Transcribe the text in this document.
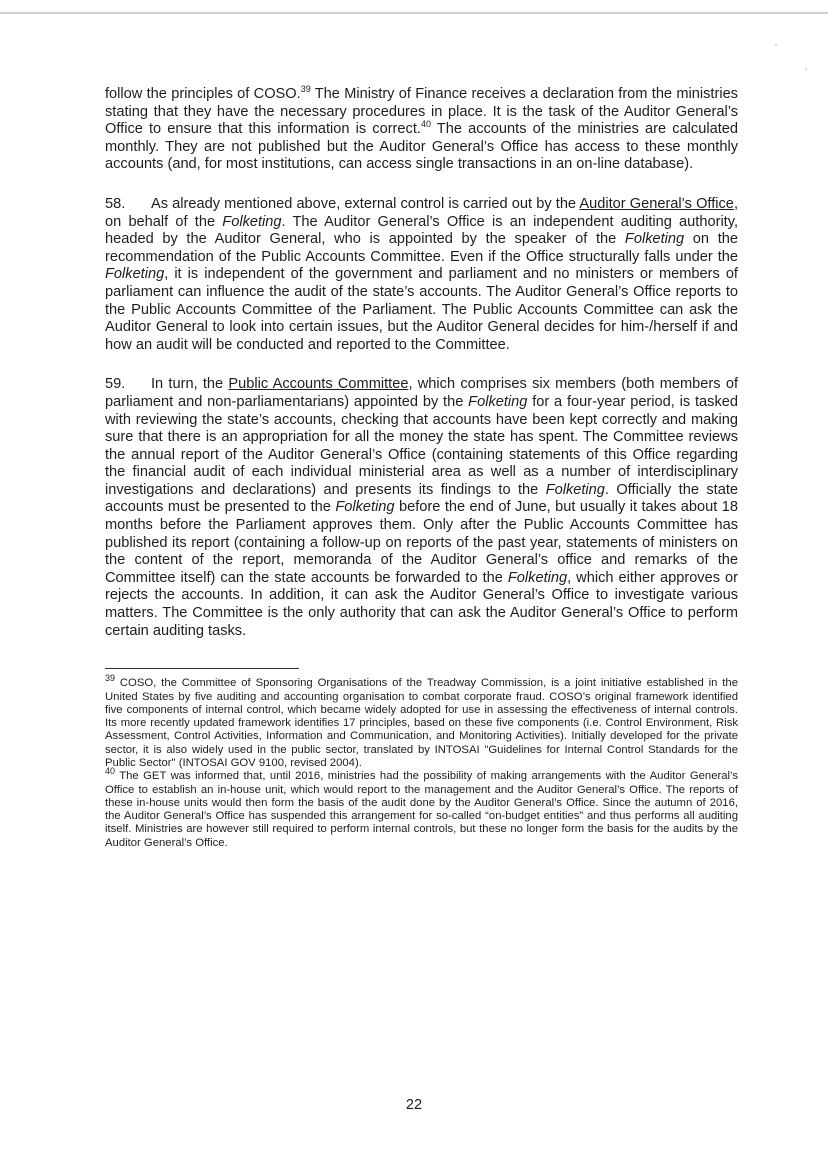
follow the principles of COSO.$^{39}$ The Ministry of Finance receives a declaration from the ministries stating that they have the necessary procedures in place. It is the task of the Auditor General’s Office to ensure that this information is correct.$^{40}$ The accounts of the ministries are calculated monthly. They are not published but the Auditor General’s Office has access to these monthly accounts (and, for most institutions, can access single transactions in an on-line database).

58. As already mentioned above, external control is carried out by the Auditor General’s Office, on behalf of the Folketing. The Auditor General’s Office is an independent auditing authority, headed by the Auditor General, who is appointed by the speaker of the Folketing on the recommendation of the Public Accounts Committee. Even if the Office structurally falls under the Folketing, it is independent of the government and parliament and no ministers or members of parliament can influence the audit of the state’s accounts. The Auditor General’s Office reports to the Public Accounts Committee of the Parliament. The Public Accounts Committee can ask the Auditor General to look into certain issues, but the Auditor General decides for him-/herself if and how an audit will be conducted and reported to the Committee.

59. In turn, the Public Accounts Committee, which comprises six members (both members of parliament and non-parliamentarians) appointed by the Folketing for a four-year period, is tasked with reviewing the state’s accounts, checking that accounts have been kept correctly and making sure that there is an appropriation for all the money the state has spent. The Committee reviews the annual report of the Auditor General’s Office (containing statements of this Office regarding the financial audit of each individual ministerial area as well as a number of interdisciplinary investigations and declarations) and presents its findings to the Folketing. Officially the state accounts must be presented to the Folketing before the end of June, but usually it takes about 18 months before the Parliament approves them. Only after the Public Accounts Committee has published its report (containing a follow-up on reports of the past year, statements of ministers on the content of the report, memoranda of the Auditor General’s office and remarks of the Committee itself) can the state accounts be forwarded to the Folketing, which either approves or rejects the accounts. In addition, it can ask the Auditor General’s Office to investigate various matters. The Committee is the only authority that can ask the Auditor General’s Office to perform certain auditing tasks.

$^{39}$ COSO, the Committee of Sponsoring Organisations of the Treadway Commission, is a joint initiative established in the United States by five auditing and accounting organisation to combat corporate fraud. COSO’s original framework identified five components of internal control, which became widely adopted for use in assessing the effectiveness of internal controls. Its more recently updated framework identifies 17 principles, based on these five components (i.e. Control Environment, Risk Assessment, Control Activities, Information and Communication, and Monitoring Activities). Initially developed for the private sector, it is also widely used in the public sector, translated by INTOSAI "Guidelines for Internal Control Standards for the Public Sector" (INTOSAI GOV 9100, revised 2004).

$^{40}$ The GET was informed that, until 2016, ministries had the possibility of making arrangements with the Auditor General’s Office to establish an in-house unit, which would report to the management and the Auditor General’s Office. The reports of these in-house units would then form the basis of the audit done by the Auditor General’s Office. Since the autumn of 2016, the Auditor General’s Office has suspended this arrangement for so-called “on-budget entities” and thus performs all auditing itself. Ministries are however still required to perform internal controls, but these no longer form the basis for the audits by the Auditor General’s Office.

22
